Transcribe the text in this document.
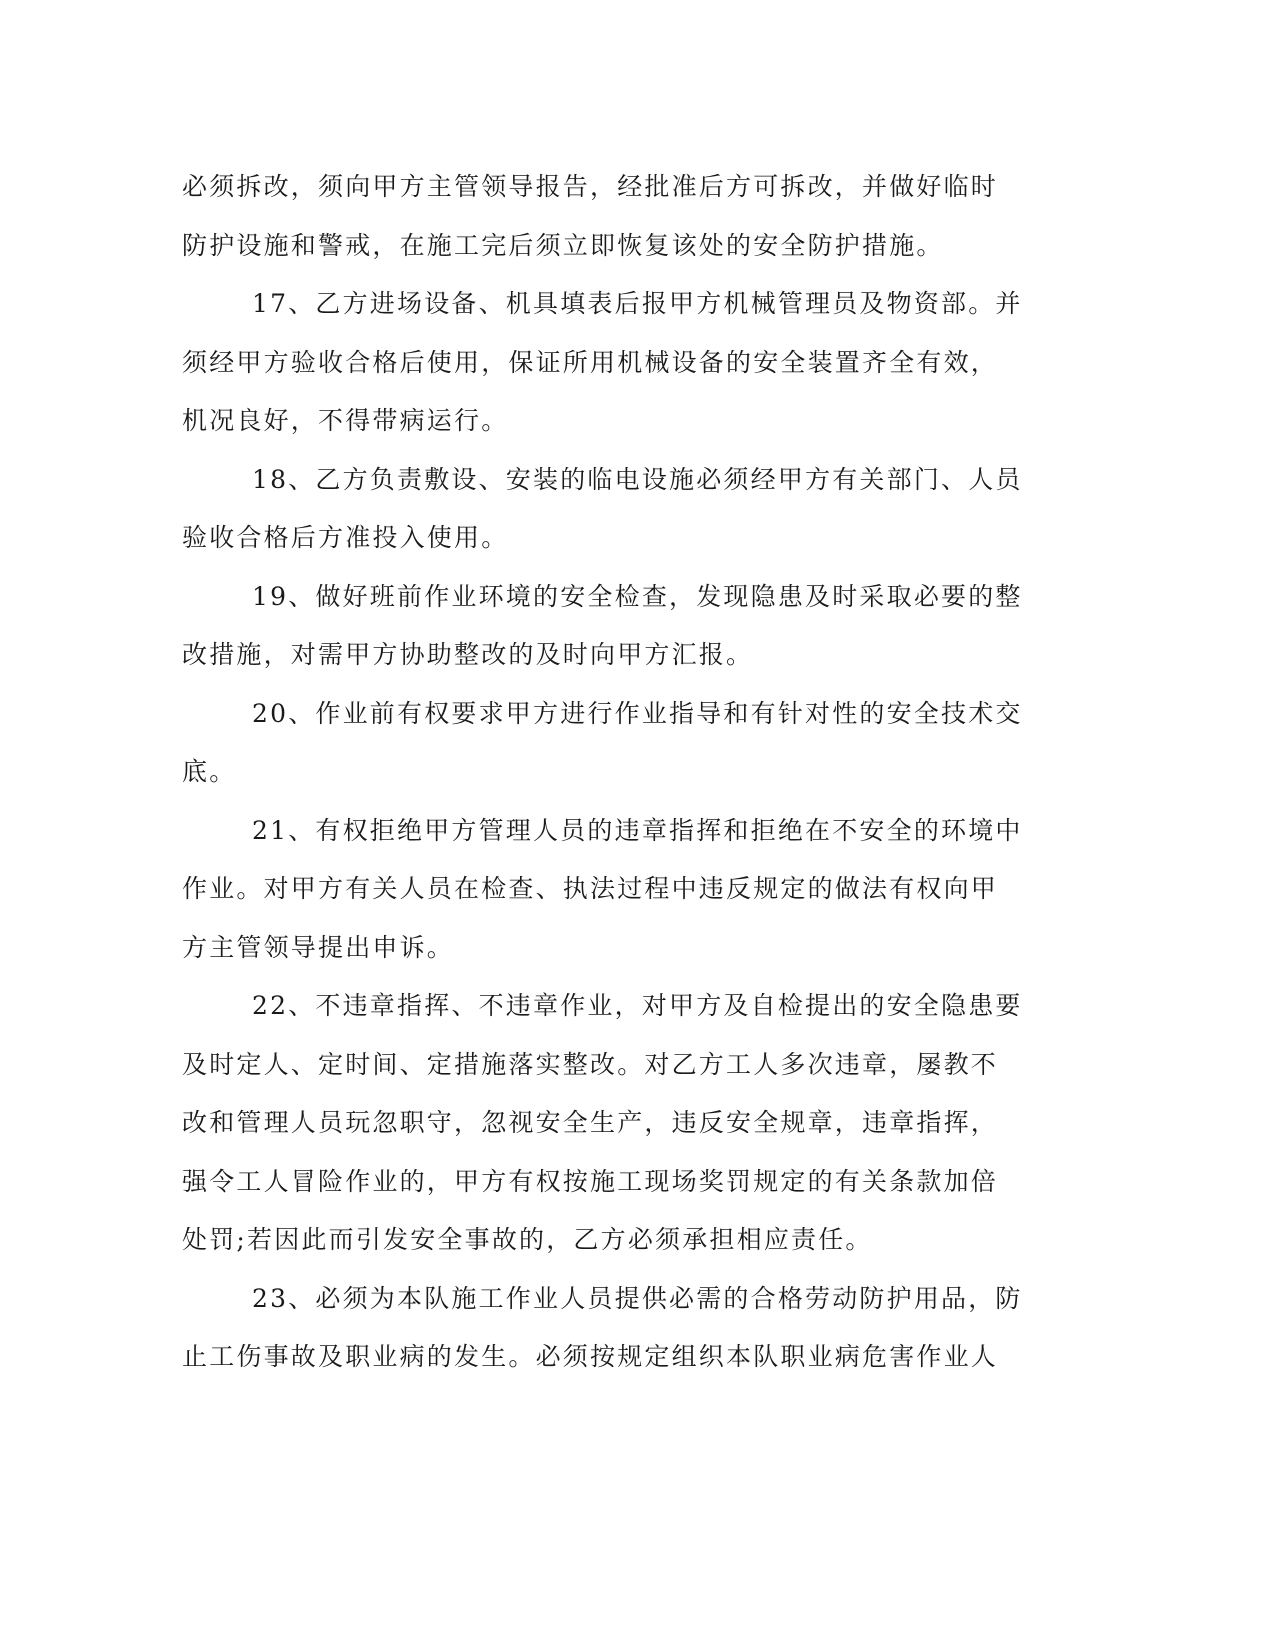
必须拆改，须向甲方主管领导报告，经批准后方可拆改，并做好临时
防护设施和警戒，在施工完后须立即恢复该处的安全防护措施。

17、乙方进场设备、机具填表后报甲方机械管理员及物资部。并
须经甲方验收合格后使用，保证所用机械设备的安全装置齐全有效，
机况良好，不得带病运行。

18、乙方负责敷设、安装的临电设施必须经甲方有关部门、人员
验收合格后方准投入使用。

19、做好班前作业环境的安全检查，发现隐患及时采取必要的整
改措施，对需甲方协助整改的及时向甲方汇报。

20、作业前有权要求甲方进行作业指导和有针对性的安全技术交
底。

21、有权拒绝甲方管理人员的违章指挥和拒绝在不安全的环境中
作业。对甲方有关人员在检查、执法过程中违反规定的做法有权向甲
方主管领导提出申诉。

22、不违章指挥、不违章作业，对甲方及自检提出的安全隐患要
及时定人、定时间、定措施落实整改。对乙方工人多次违章，屡教不
改和管理人员玩忽职守，忽视安全生产，违反安全规章，违章指挥，
强令工人冒险作业的，甲方有权按施工现场奖罚规定的有关条款加倍
处罚;若因此而引发安全事故的，乙方必须承担相应责任。

23、必须为本队施工作业人员提供必需的合格劳动防护用品，防
止工伤事故及职业病的发生。必须按规定组织本队职业病危害作业人
